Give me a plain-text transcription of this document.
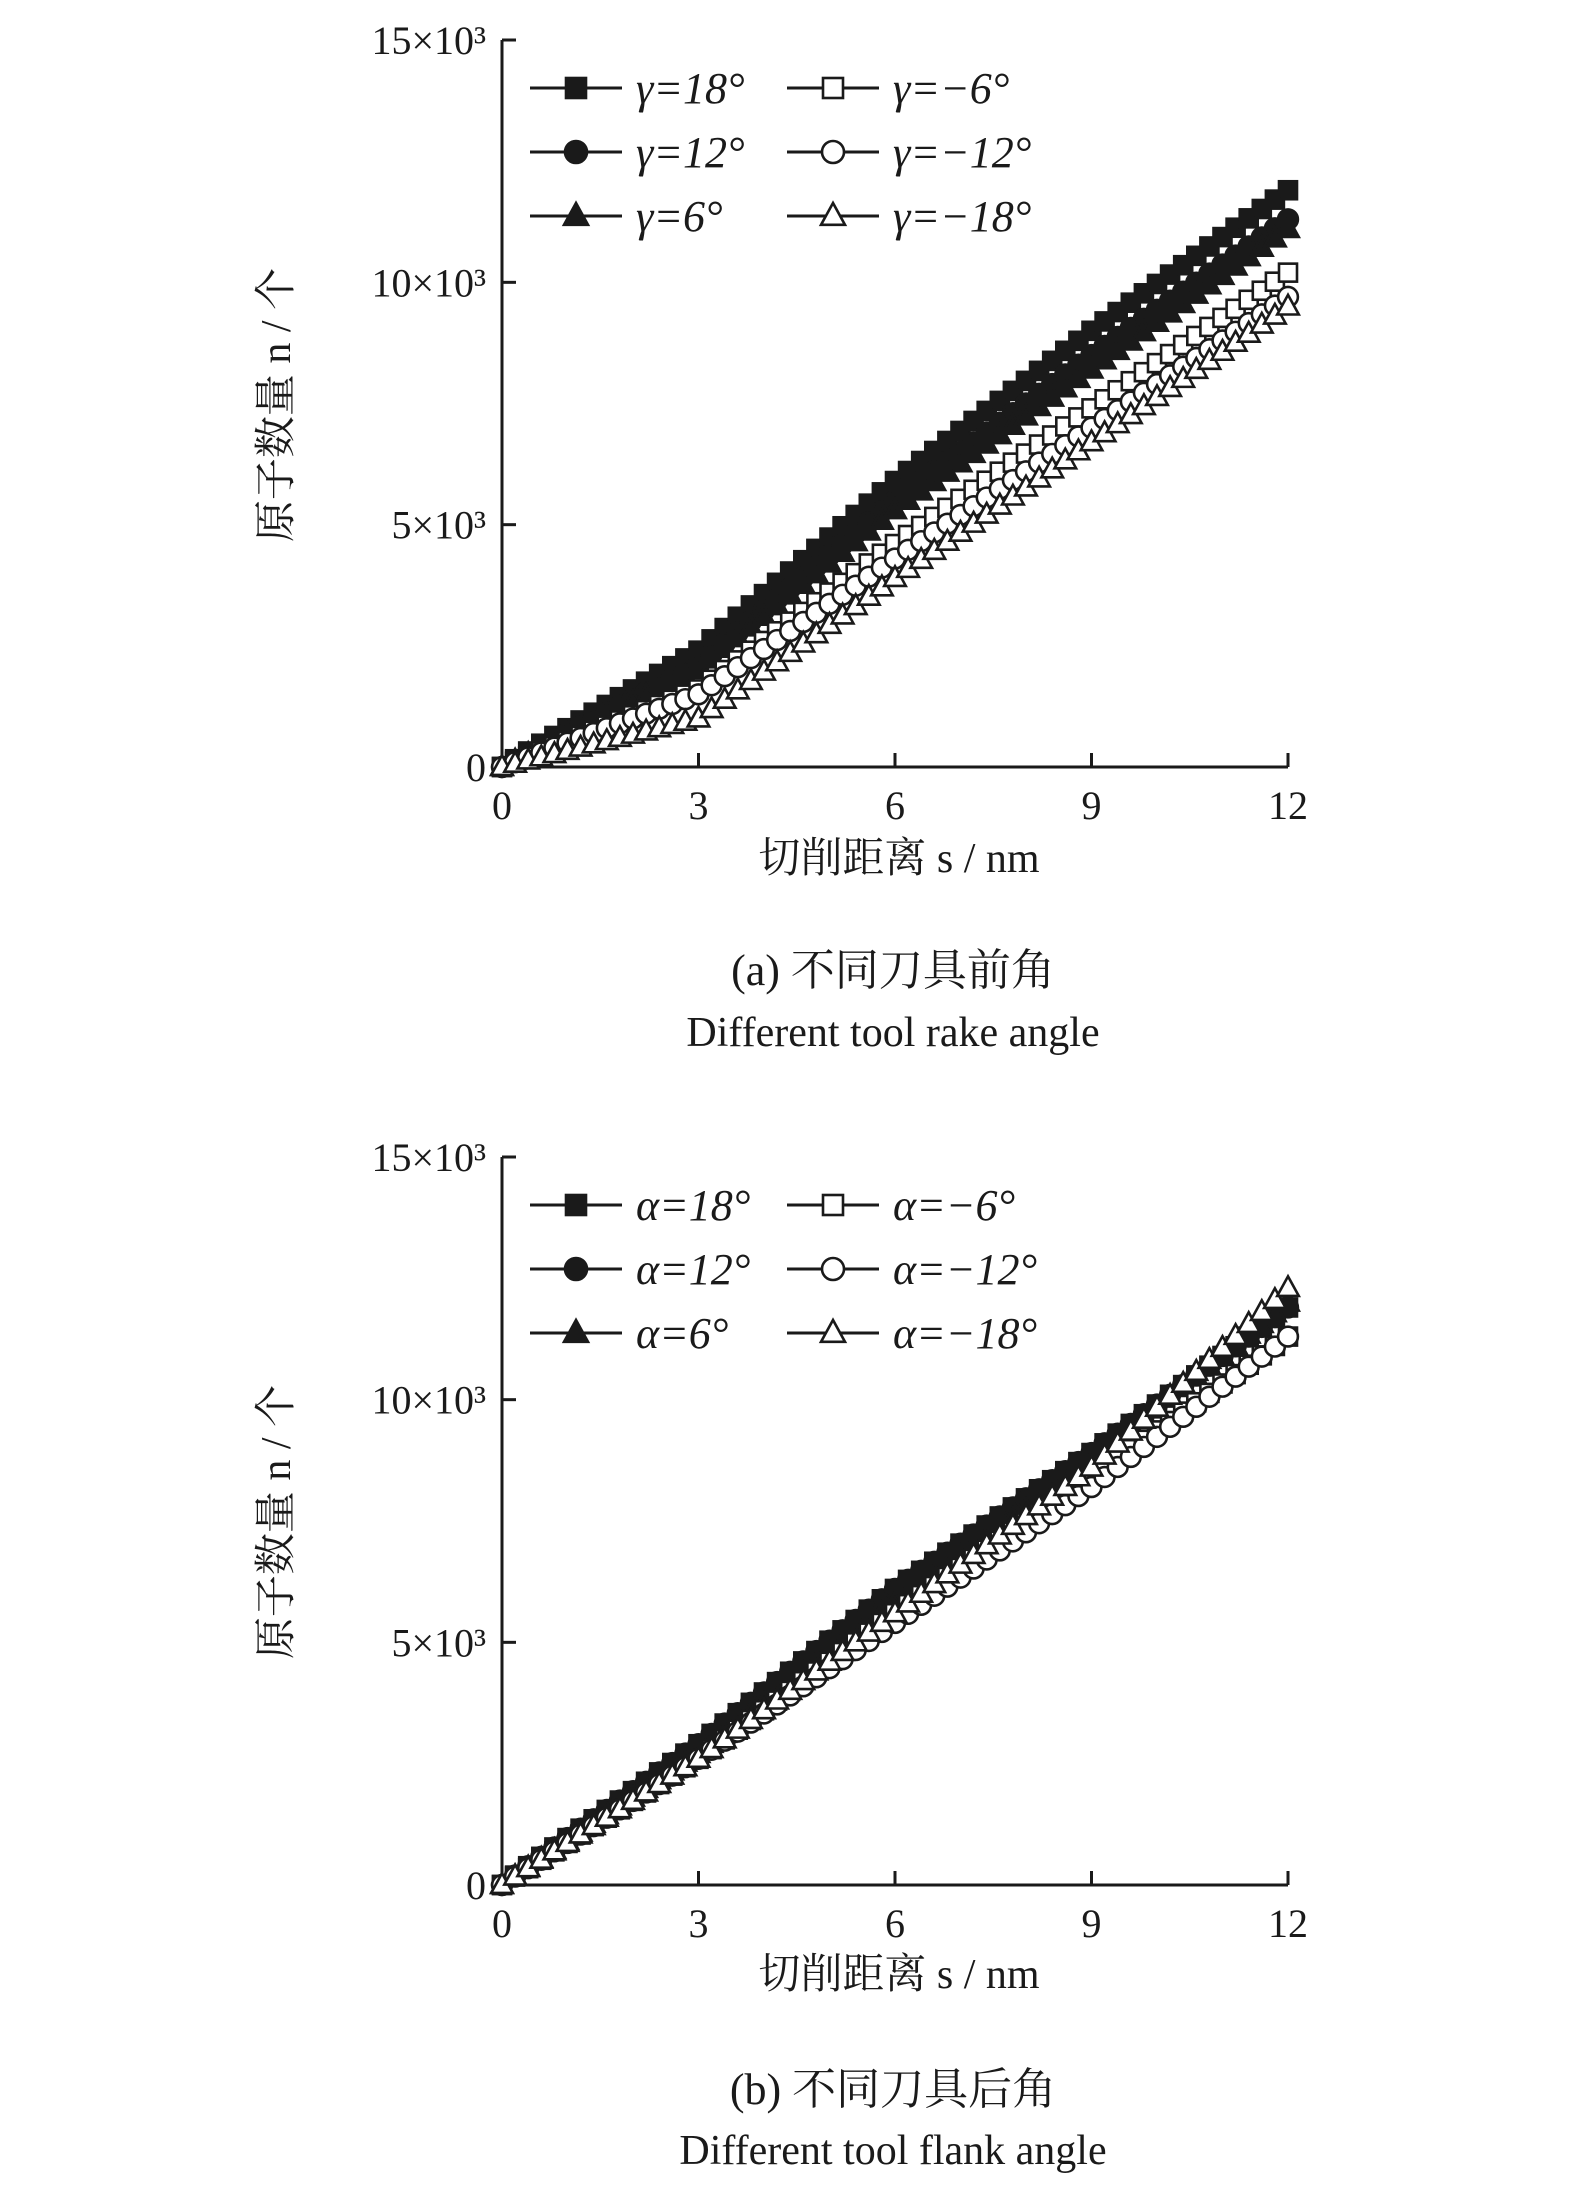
0	3	6	9	12
0
5×10³
10×10³
15×10³
切削距离 s / nm
原子数量 n / 个
γ=18°
γ=12°
γ=6°
γ=−6°
γ=−12°
γ=−18°
0	3	6	9	12
0
5×10³
10×10³
15×10³
切削距离 s / nm
原子数量 n / 个
α=18°
α=12°
α=6°
α=−6°
α=−12°
α=−18°
(a) 不同刀具前角
Different tool rake angle
(b) 不同刀具后角
Different tool flank angle
